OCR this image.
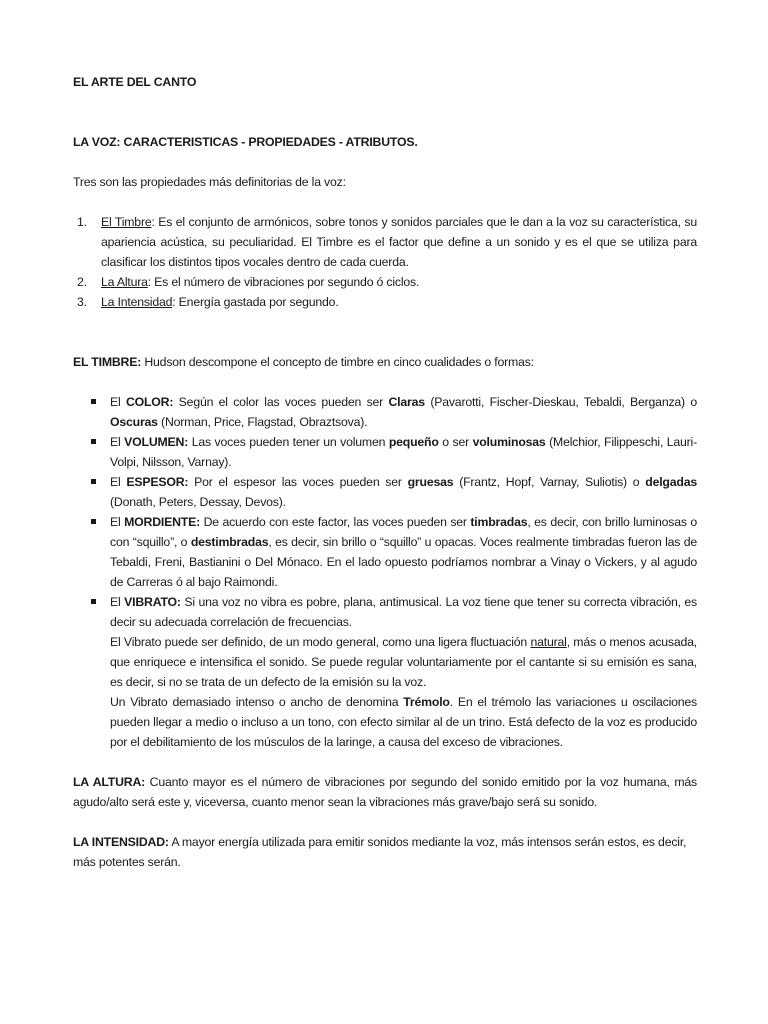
EL ARTE DEL CANTO

LA VOZ: CARACTERISTICAS - PROPIEDADES - ATRIBUTOS.

Tres son las propiedades más definitorias de la voz:

1. El Timbre: Es el conjunto de armónicos, sobre tonos y sonidos parciales que le dan a la voz su característica, su apariencia acústica, su peculiaridad. El Timbre es el factor que define a un sonido y es el que se utiliza para clasificar los distintos tipos vocales dentro de cada cuerda.
2. La Altura: Es el número de vibraciones por segundo ó ciclos.
3. La Intensidad: Energía gastada por segundo.

EL TIMBRE: Hudson descompone el concepto de timbre en cinco cualidades o formas:

El COLOR: Según el color las voces pueden ser Claras (Pavarotti, Fischer-Dieskau, Tebaldi, Berganza) o Oscuras (Norman, Price, Flagstad, Obraztsova).
El VOLUMEN: Las voces pueden tener un volumen pequeño o ser voluminosas (Melchior, Filippeschi, Lauri-Volpi, Nilsson, Varnay).
El ESPESOR: Por el espesor las voces pueden ser gruesas (Frantz, Hopf, Varnay, Suliotis) o delgadas (Donath, Peters, Dessay, Devos).
El MORDIENTE: De acuerdo con este factor, las voces pueden ser timbradas, es decir, con brillo luminosas o con “squillo”, o destimbradas, es decir, sin brillo o “squillo” u opacas. Voces realmente timbradas fueron las de Tebaldi, Freni, Bastianini o Del Mónaco. En el lado opuesto podríamos nombrar a Vinay o Vickers, y al agudo de Carreras ó al bajo Raimondi.

El VIBRATO: Si una voz no vibra es pobre, plana, antimusical. La voz tiene que tener su correcta vibración, es decir su adecuada correlación de frecuencias.

El Vibrato puede ser definido, de un modo general, como una ligera fluctuación natural, más o menos acusada, que enriquece e intensifica el sonido. Se puede regular voluntariamente por el cantante si su emisión es sana, es decir, si no se trata de un defecto de la emisión su la voz.

Un Vibrato demasiado intenso o ancho de denomina Trémolo. En el trémolo las variaciones u oscilaciones pueden llegar a medio o incluso a un tono, con efecto similar al de un trino. Está defecto de la voz es producido por el debilitamiento de los músculos de la laringe, a causa del exceso de vibraciones.

LA ALTURA: Cuanto mayor es el número de vibraciones por segundo del sonido emitido por la voz humana, más agudo/alto será este y, viceversa, cuanto menor sean la vibraciones más grave/bajo será su sonido.

LA INTENSIDAD: A mayor energía utilizada para emitir sonidos mediante la voz, más intensos serán estos, es decir, más potentes serán.
